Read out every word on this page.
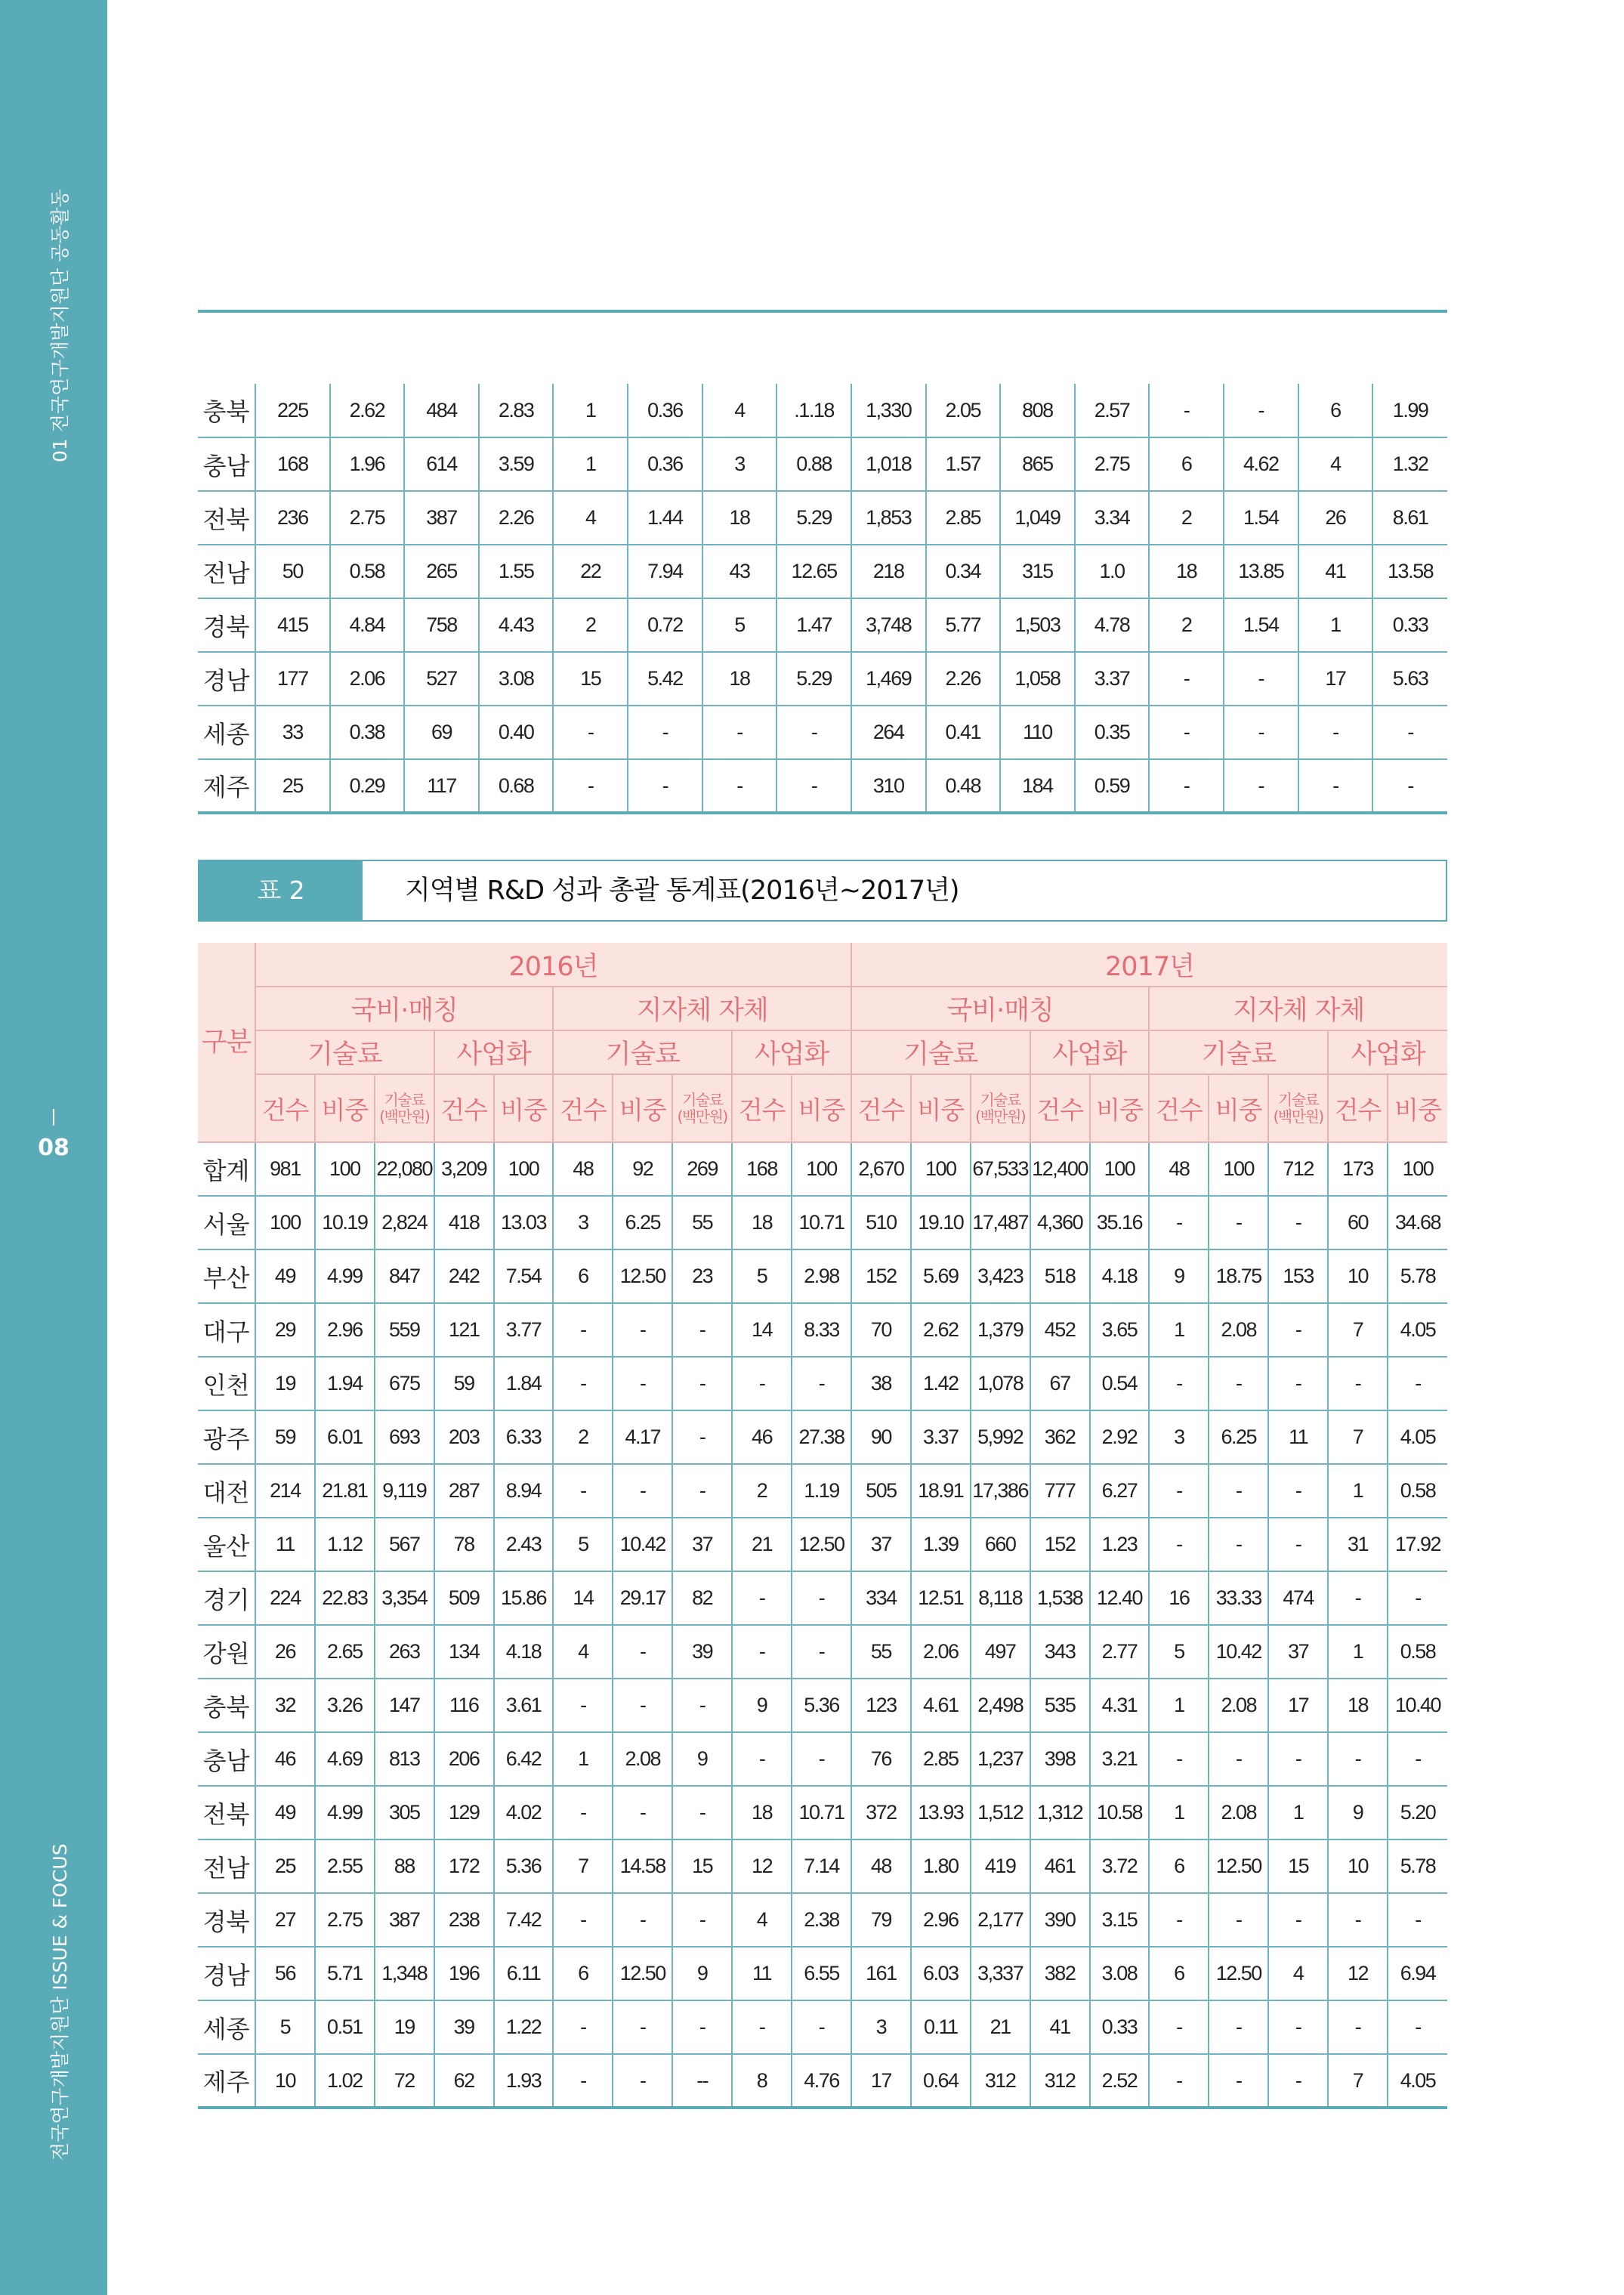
01 전국연구개발지원단 공동활동
08
전국연구개발지원단 ISSUE & FOCUS
충북	225	2.62	484	2.83	1	0.36	4	.1.18	1,330	2.05	808	2.57	-	-	6	1.99
충남	168	1.96	614	3.59	1	0.36	3	0.88	1,018	1.57	865	2.75	6	4.62	4	1.32
전북	236	2.75	387	2.26	4	1.44	18	5.29	1,853	2.85	1,049	3.34	2	1.54	26	8.61
전남	50	0.58	265	1.55	22	7.94	43	12.65	218	0.34	315	1.0	18	13.85	41	13.58
경북	415	4.84	758	4.43	2	0.72	5	1.47	3,748	5.77	1,503	4.78	2	1.54	1	0.33
경남	177	2.06	527	3.08	15	5.42	18	5.29	1,469	2.26	1,058	3.37	-	-	17	5.63
세종	33	0.38	69	0.40	-	-	-	-	264	0.41	110	0.35	-	-	-	-
제주	25	0.29	117	0.68	-	-	-	-	310	0.48	184	0.59	-	-	-	-
표 2	지역별 R&D 성과 총괄 통계표(2016년~2017년)
구분	2016년										2017년									
	국비·매칭					지자체 자체					국비·매칭					지자체 자체				
	기술료			사업화		기술료			사업화		기술료			사업화		기술료			사업화	
	건수	비중	기술료(백만원)	건수	비중	건수	비중	기술료(백만원)	건수	비중	건수	비중	기술료(백만원)	건수	비중	건수	비중	기술료(백만원)	건수	비중
합계	981	100	22,080	3,209	100	48	92	269	168	100	2,670	100	67,533	12,400	100	48	100	712	173	100
서울	100	10.19	2,824	418	13.03	3	6.25	55	18	10.71	510	19.10	17,487	4,360	35.16	-	-	-	60	34.68
부산	49	4.99	847	242	7.54	6	12.50	23	5	2.98	152	5.69	3,423	518	4.18	9	18.75	153	10	5.78
대구	29	2.96	559	121	3.77	-	-	-	14	8.33	70	2.62	1,379	452	3.65	1	2.08	-	7	4.05
인천	19	1.94	675	59	1.84	-	-	-	-	-	38	1.42	1,078	67	0.54	-	-	-	-	-
광주	59	6.01	693	203	6.33	2	4.17	-	46	27.38	90	3.37	5,992	362	2.92	3	6.25	11	7	4.05
대전	214	21.81	9,119	287	8.94	-	-	-	2	1.19	505	18.91	17,386	777	6.27	-	-	-	1	0.58
울산	11	1.12	567	78	2.43	5	10.42	37	21	12.50	37	1.39	660	152	1.23	-	-	-	31	17.92
경기	224	22.83	3,354	509	15.86	14	29.17	82	-	-	334	12.51	8,118	1,538	12.40	16	33.33	474	-	-
강원	26	2.65	263	134	4.18	4	-	39	-	-	55	2.06	497	343	2.77	5	10.42	37	1	0.58
충북	32	3.26	147	116	3.61	-	-	-	9	5.36	123	4.61	2,498	535	4.31	1	2.08	17	18	10.40
충남	46	4.69	813	206	6.42	1	2.08	9	-	-	76	2.85	1,237	398	3.21	-	-	-	-	-
전북	49	4.99	305	129	4.02	-	-	-	18	10.71	372	13.93	1,512	1,312	10.58	1	2.08	1	9	5.20
전남	25	2.55	88	172	5.36	7	14.58	15	12	7.14	48	1.80	419	461	3.72	6	12.50	15	10	5.78
경북	27	2.75	387	238	7.42	-	-	-	4	2.38	79	2.96	2,177	390	3.15	-	-	-	-	-
경남	56	5.71	1,348	196	6.11	6	12.50	9	11	6.55	161	6.03	3,337	382	3.08	6	12.50	4	12	6.94
세종	5	0.51	19	39	1.22	-	-	-	-	-	3	0.11	21	41	0.33	-	-	-	-	-
제주	10	1.02	72	62	1.93	-	-	--	8	4.76	17	0.64	312	312	2.52	-	-	-	7	4.05
